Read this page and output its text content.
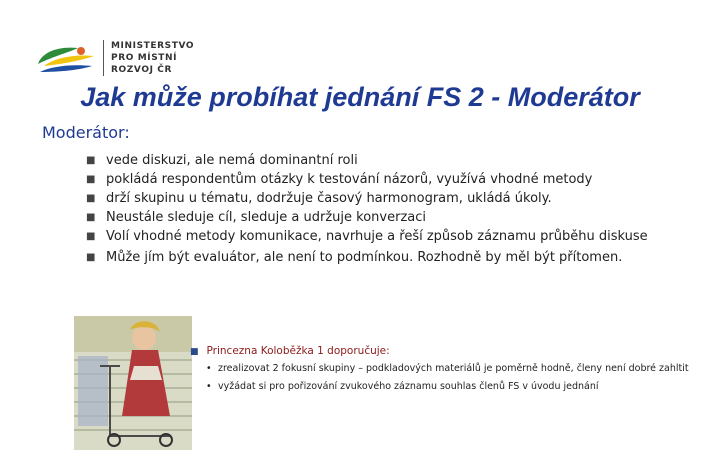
MINISTERSTVO
PRO MÍSTNÍ
ROZVOJ ČR
Jak může probíhat jednání FS 2 - Moderátor
Moderátor:
■ vede diskuzi, ale nemá dominantní roli
■ pokládá respondentům otázky k testování názorů, využívá vhodné metody
■ drží skupinu u tématu, dodržuje časový harmonogram, ukládá úkoly.
■ Neustále sleduje cíl, sleduje a udržuje konverzaci
■ Volí vhodné metody komunikace, navrhuje a řeší způsob záznamu průběhu diskuse
■ Může jím být evaluátor, ale není to podmínkou. Rozhodně by měl být přítomen.
■ Princezna Koloběžka 1 doporučuje:
• zrealizovat 2 fokusní skupiny – podkladových materiálů je poměrně hodně, členy není dobré zahltit
• vyžádat si pro pořizování zvukového záznamu souhlas členů FS v úvodu jednání
